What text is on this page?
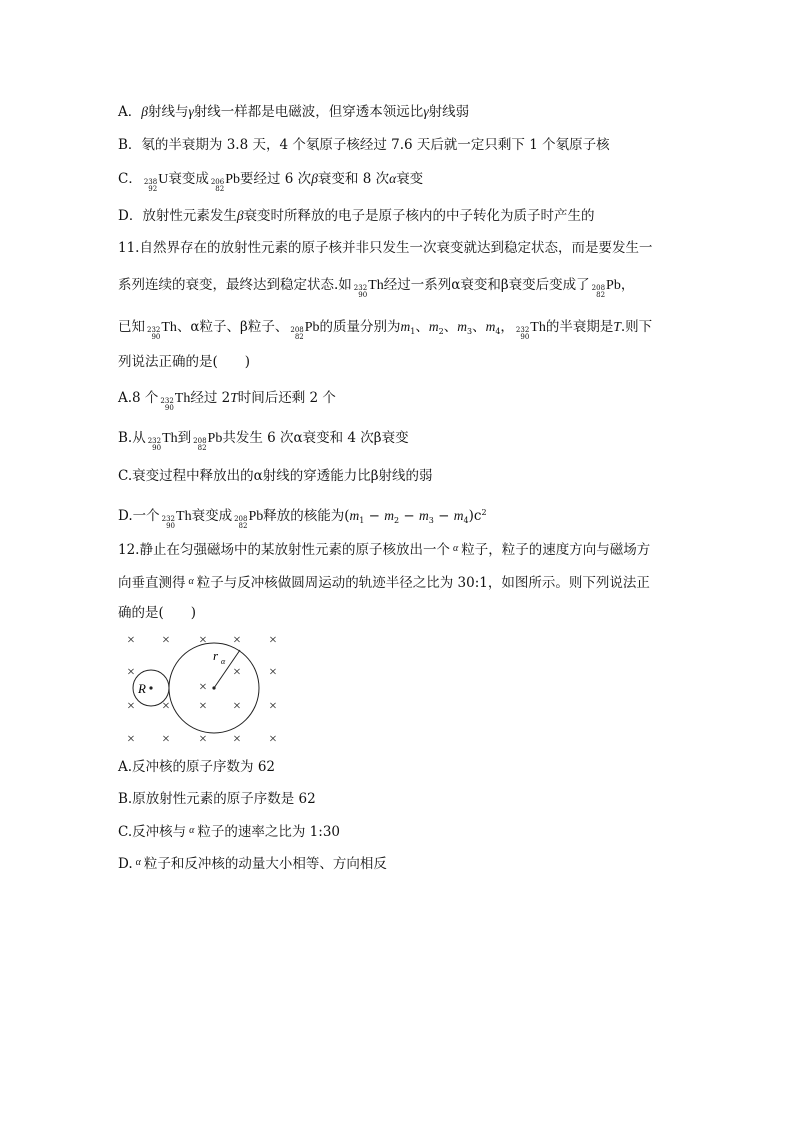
A．β射线与γ射线一样都是电磁波，但穿透本领远比γ射线弱
B．氡的半衰期为 3.8 天，4 个氡原子核经过 7.6 天后就一定只剩下 1 个氡原子核
C． 238
92
U衰变成 206
82
Pb要经过 6 次β衰变和 8 次α衰变
D．放射性元素发生β衰变时所释放的电子是原子核内的中子转化为质子时产生的
11.自然界存在的放射性元素的原子核并非只发生一次衰变就达到稳定状态，而是要发生一
系列连续的衰变，最终达到稳定状态.如 232
90
Th经过一系列α衰变和β衰变后变成了 208
82
Pb，
已知 232
90
Th、α粒子、β粒子、 208
82
Pb的质量分别为$m_1$、$m_2$、$m_3$、$m_4$， 232
90
Th的半衰期是T.则下
列说法正确的是(　　)
A.8 个 232
90
Th经过 2T时间后还剩 2 个
B.从 232
90
Th到 208
82
Pb共发生 6 次α衰变和 4 次β衰变
C.衰变过程中释放出的α射线的穿透能力比β射线的弱
D.一个 232
90
Th衰变成 208
82
Pb释放的核能为$(m_1 - m_2 - m_3 - m_4)c^2$
12.静止在匀强磁场中的某放射性元素的原子核放出一个 $^\alpha$ 粒子，粒子的速度方向与磁场方
向垂直测得 $^\alpha$ 粒子与反冲核做圆周运动的轨迹半径之比为 30:1，如图所示。则下列说法正
确的是(　　)
× × × × ×
×	× ×
×
× × × × ×
× × × × ×
r α
R
A.反冲核的原子序数为 62
B.原放射性元素的原子序数是 62
C.反冲核与 $^\alpha$ 粒子的速率之比为 1:30
D. $^\alpha$ 粒子和反冲核的动量大小相等、方向相反
